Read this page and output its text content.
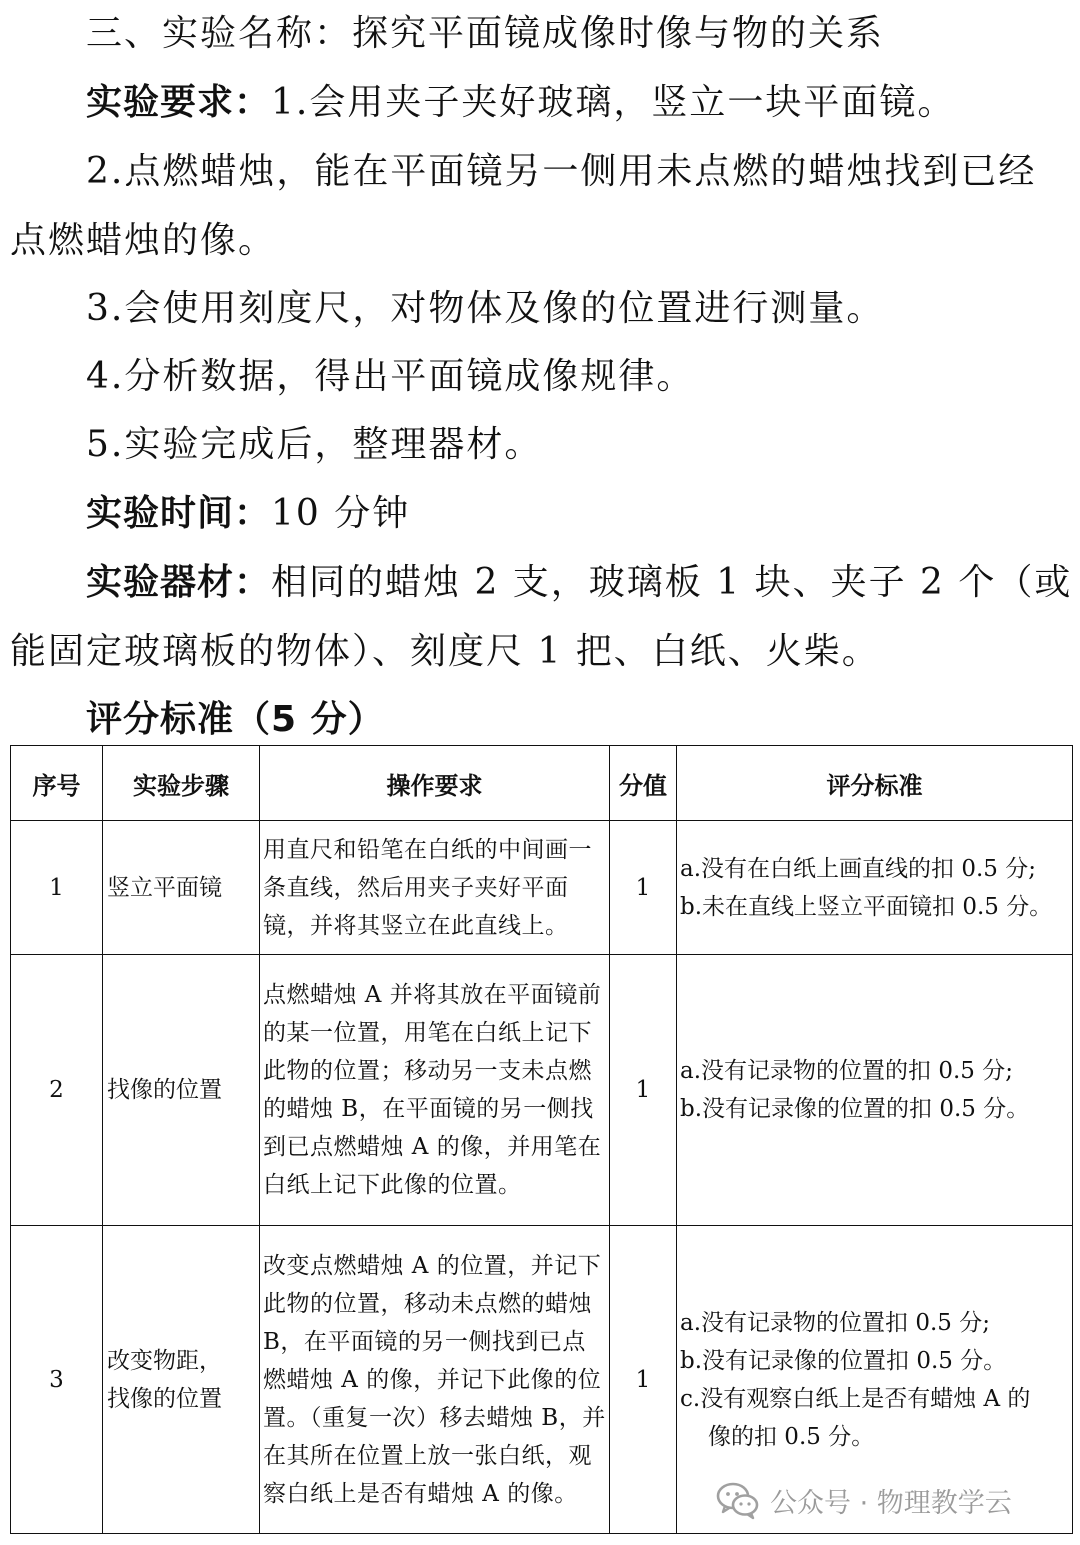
三、实验名称：探究平面镜成像时像与物的关系
实验要求：1.会用夹子夹好玻璃，竖立一块平面镜。
2.点燃蜡烛，能在平面镜另一侧用未点燃的蜡烛找到已经
点燃蜡烛的像。
3.会使用刻度尺，对物体及像的位置进行测量。
4.分析数据，得出平面镜成像规律。
5.实验完成后，整理器材。
实验时间：10 分钟
实验器材：相同的蜡烛 2 支，玻璃板 1 块、夹子 2 个（或
能固定玻璃板的物体）、刻度尺 1 把、白纸、火柴。
评分标准（5 分）
序号	实验步骤	操作要求	分值	评分标准
1	竖立平面镜	用直尺和铅笔在白纸的中间画一条直线，然后用夹子夹好平面镜，并将其竖立在此直线上。	1	a.没有在白纸上画直线的扣 0.5 分;
b.未在直线上竖立平面镜扣 0.5 分。

2	找像的位置	点燃蜡烛 A 并将其放在平面镜前的某一位置，用笔在白纸上记下此物的位置；移动另一支未点燃的蜡烛 B，在平面镜的另一侧找到已点燃蜡烛 A 的像，并用笔在白纸上记下此像的位置。	1	a.没有记录物的位置的扣 0.5 分;
b.没有记录像的位置的扣 0.5 分。

3	改变物距，
找像的位置	改变点燃蜡烛 A 的位置，并记下此物的位置，移动未点燃的蜡烛 B，在平面镜的另一侧找到已点燃蜡烛 A 的像，并记下此像的位置。（重复一次）移去蜡烛 B，并在其所在位置上放一张白纸，观察白纸上是否有蜡烛 A 的像。	1	a.没有记录物的位置扣 0.5 分;
b.没有记录像的位置扣 0.5 分。
c.没有观察白纸上是否有蜡烛 A 的
像的扣 0.5 分。
公众号 · 物理教学云
